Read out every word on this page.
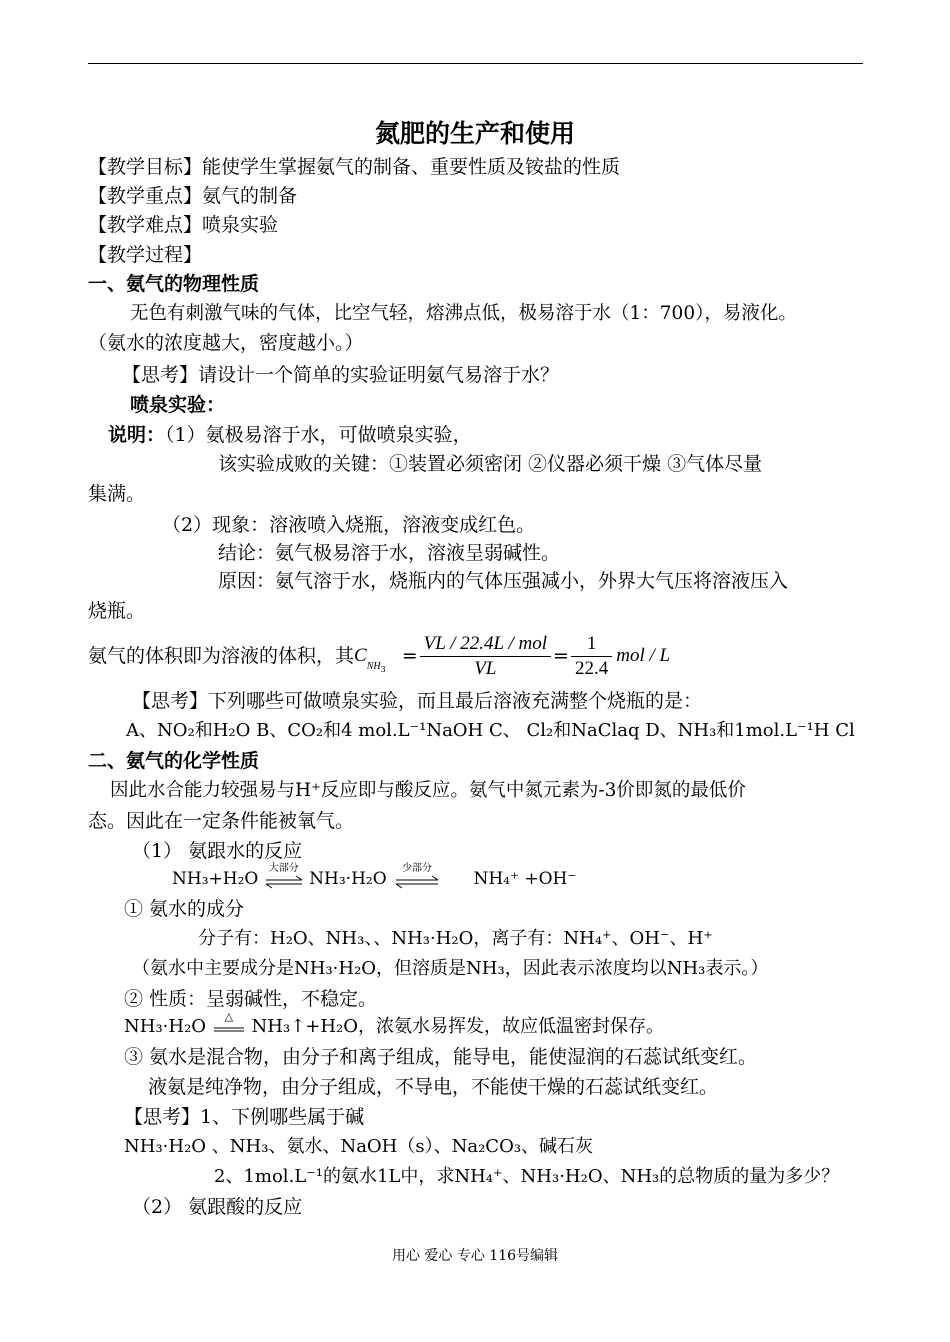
氮肥的生产和使用
【教学目标】能使学生掌握氨气的制备、重要性质及铵盐的性质
【教学重点】氨气的制备
【教学难点】喷泉实验
【教学过程】
一、氨气的物理性质
无色有刺激气味的气体，比空气轻，熔沸点低，极易溶于水（1：700），易液化。
（氨水的浓度越大，密度越小。）
【思考】请设计一个简单的实验证明氨气易溶于水？
喷泉实验：
说明：（1）氨极易溶于水，可做喷泉实验，
该实验成败的关键：①装置必须密闭 ②仪器必须干燥 ③气体尽量
集满。
（2）现象：溶液喷入烧瓶，溶液变成红色。
结论：氨气极易溶于水，溶液呈弱碱性。
原因：氨气溶于水，烧瓶内的气体压强减小，外界大气压将溶液压入
烧瓶。
氨气的体积即为溶液的体积，其$C_{NH3} = \frac{\text{VL / 22.4L / mol}}{VL} = \frac{1}{22.4}$ mol / L
【思考】下列哪些可做喷泉实验，而且最后溶液充满整个烧瓶的是：
A、NO₂和H₂O B、CO₂和4 mol.L⁻¹NaOH C、 Cl₂和NaClaq D、NH₃和1mol.L⁻¹H Cl
二、氨气的化学性质
因此水合能力较强易与H⁺反应即与酸反应。氨气中氮元素为-3价即氮的最低价
态。因此在一定条件能被氧气。
（1） 氨跟水的反应
NH₃+H₂O
大部分
NH₃·H₂O
少部分
NH₄⁺ +OH⁻
① 氨水的成分
分子有：H₂O、NH₃、、NH₃·H₂O，离子有：NH₄⁺、OH⁻、H⁺
（氨水中主要成分是NH₃·H₂O，但溶质是NH₃，因此表示浓度均以NH₃表示。）
② 性质：呈弱碱性，不稳定。
NH₃·H₂O	△	NH₃↑+H₂O，浓氨水易挥发，故应低温密封保存。
③ 氨水是混合物，由分子和离子组成，能导电，能使湿润的石蕊试纸变红。
液氨是纯净物，由分子组成，不导电，不能使干燥的石蕊试纸变红。
【思考】1、下例哪些属于碱
NH₃·H₂O 、NH₃、氨水、NaOH（s）、Na₂CO₃、碱石灰
2、1mol.L⁻¹的氨水1L中，求NH₄⁺、NH₃·H₂O、NH₃的总物质的量为多少？
（2） 氨跟酸的反应
用心 爱心 专心 116号编辑
